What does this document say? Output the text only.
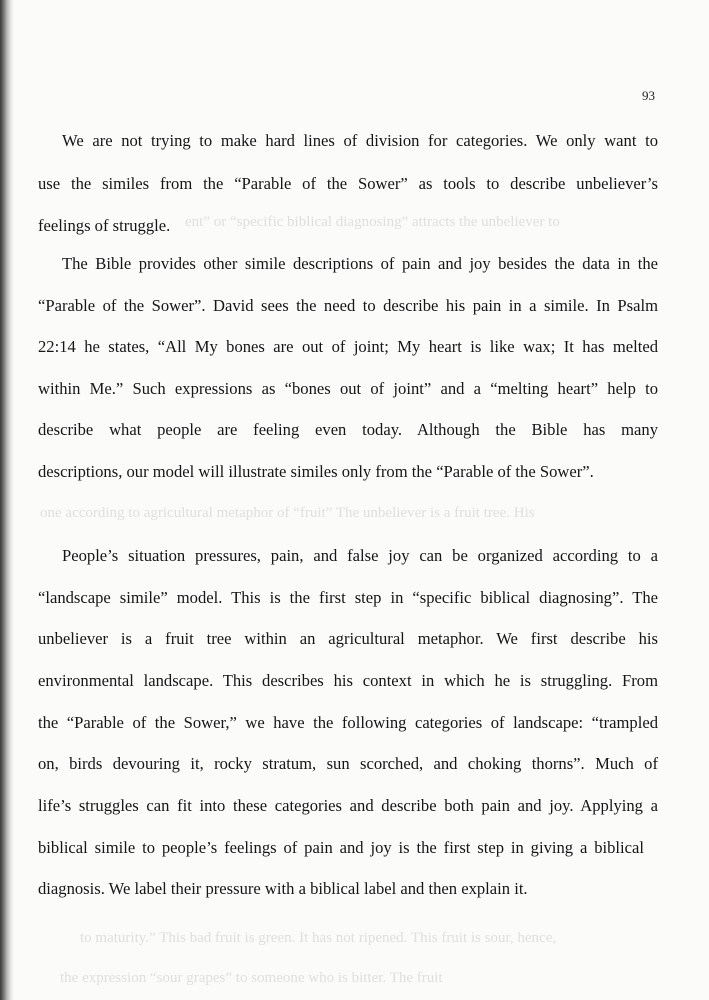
ent” or “specific biblical diagnosing” attracts the unbeliever to
one according to agricultural metaphor of “fruit” The unbeliever is a fruit tree. His
to maturity.” This bad fruit is green. It has not ripened. This fruit is sour, hence,
the expression “sour grapes” to someone who is bitter. The fruit
93
We are not trying to make hard lines of division for categories. We only want to
use the similes from the “Parable of the Sower” as tools to describe unbeliever’s
feelings of struggle.
The Bible provides other simile descriptions of pain and joy besides the data in the
“Parable of the Sower”. David sees the need to describe his pain in a simile. In Psalm
22:14 he states, “All My bones are out of joint; My heart is like wax; It has melted
within Me.” Such expressions as “bones out of joint” and a “melting heart” help to
describe what people are feeling even today. Although the Bible has many
descriptions, our model will illustrate similes only from the “Parable of the Sower”.
People’s situation pressures, pain, and false joy can be organized according to a
“landscape simile” model. This is the first step in “specific biblical diagnosing”. The
unbeliever is a fruit tree within an agricultural metaphor. We first describe his
environmental landscape. This describes his context in which he is struggling. From
the “Parable of the Sower,” we have the following categories of landscape: “trampled
on, birds devouring it, rocky stratum, sun scorched, and choking thorns”. Much of
life’s struggles can fit into these categories and describe both pain and joy. Applying a
biblical simile to people’s feelings of pain and joy is the first step in giving a biblical
diagnosis. We label their pressure with a biblical label and then explain it.
